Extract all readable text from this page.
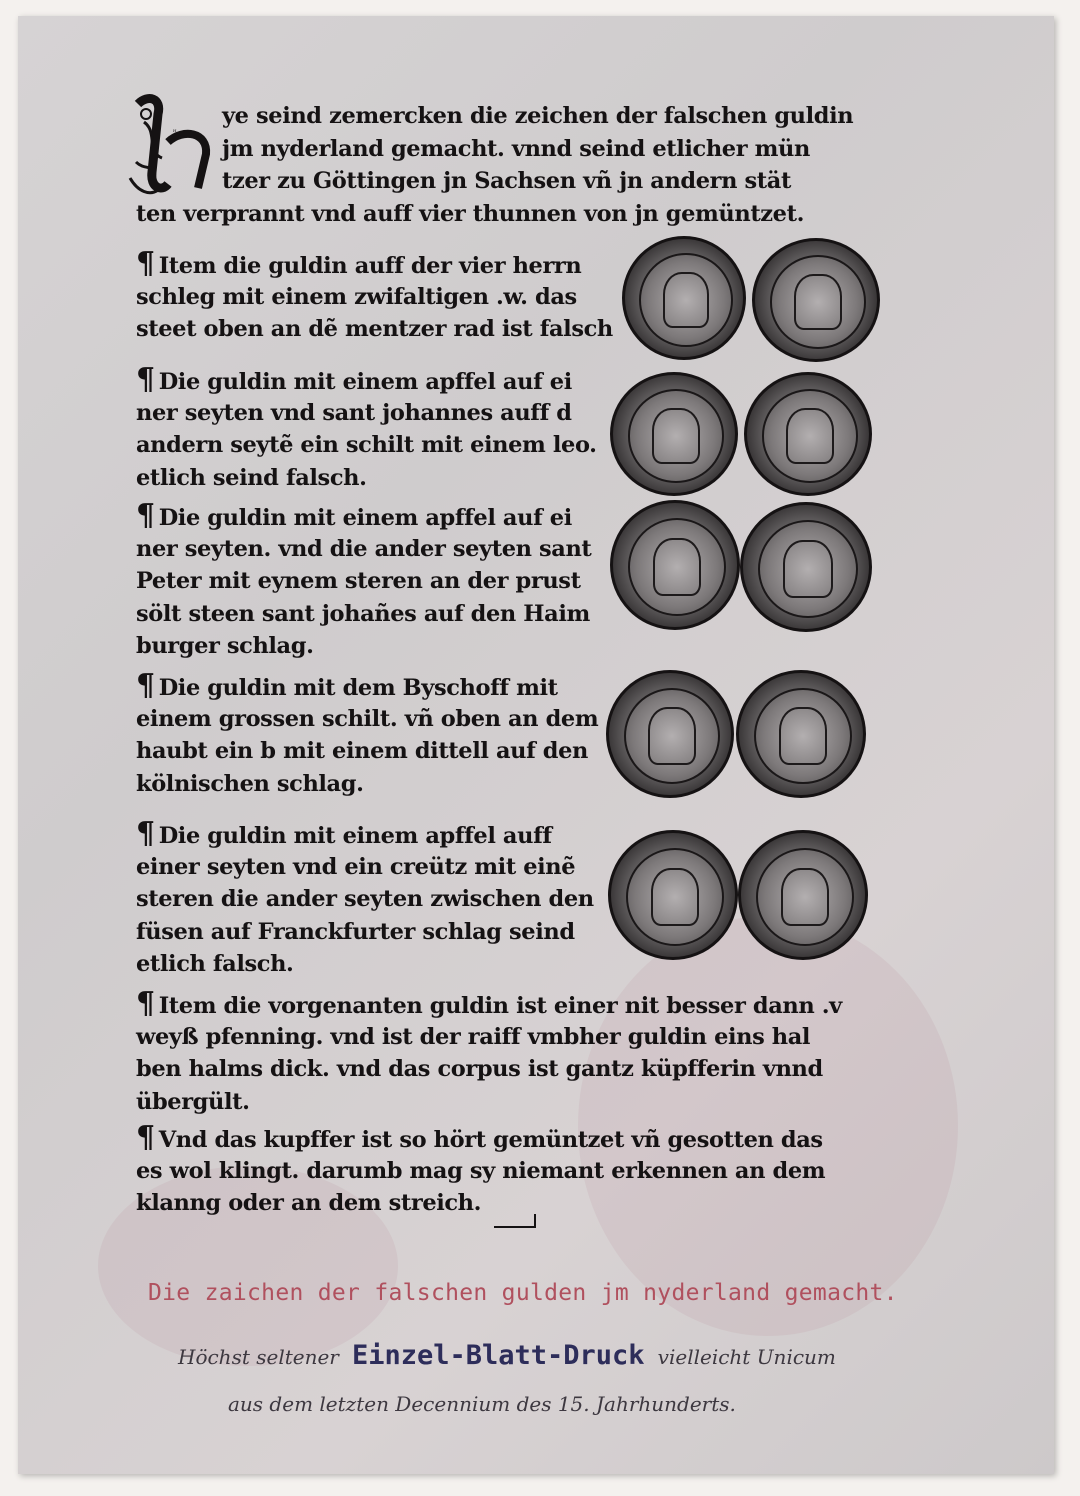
H
ye seind zemercken die zeichen der falschen guldin
jm nyderland gemacht. vnnd seind etlicher mün
tzer zu Göttingen jn Sachsen vñ jn andern stät
ten verprannt vnd auff vier thunnen von jn gemüntzet.
¶ Item die guldin auff der vier herrn
schleg mit einem zwifaltigen .w. das
steet oben an dẽ mentzer rad ist falsch
¶ Die guldin mit einem apffel auf ei
ner seyten vnd sant johannes auff d
andern seytẽ ein schilt mit einem leo.
etlich seind falsch.
¶ Die guldin mit einem apffel auf ei
ner seyten. vnd die ander seyten sant
Peter mit eynem steren an der prust
sölt steen sant johañes auf den Haim
burger schlag.
¶ Die guldin mit dem Byschoff mit
einem grossen schilt. vñ oben an dem
haubt ein b mit einem dittell auf den
kölnischen schlag.
¶ Die guldin mit einem apffel auff
einer seyten vnd ein creütz mit einẽ
steren die ander seyten zwischen den
füsen auf Franckfurter schlag seind
etlich falsch.
¶ Item die vorgenanten guldin ist einer nit besser dann .v
weyß pfenning. vnd ist der raiff vmbher guldin eins hal
ben halms dick. vnd das corpus ist gantz küpfferin vnnd
übergült.
¶ Vnd das kupffer ist so hört gemüntzet vñ gesotten das
es wol klingt. darumb mag sy niemant erkennen an dem
klanng oder an dem streich.
Die zaichen der falschen gulden jm nyderland gemacht.
Höchst seltener Einzel-Blatt-Druck vielleicht Unicum
aus dem letzten Decennium des 15. Jahrhunderts.
